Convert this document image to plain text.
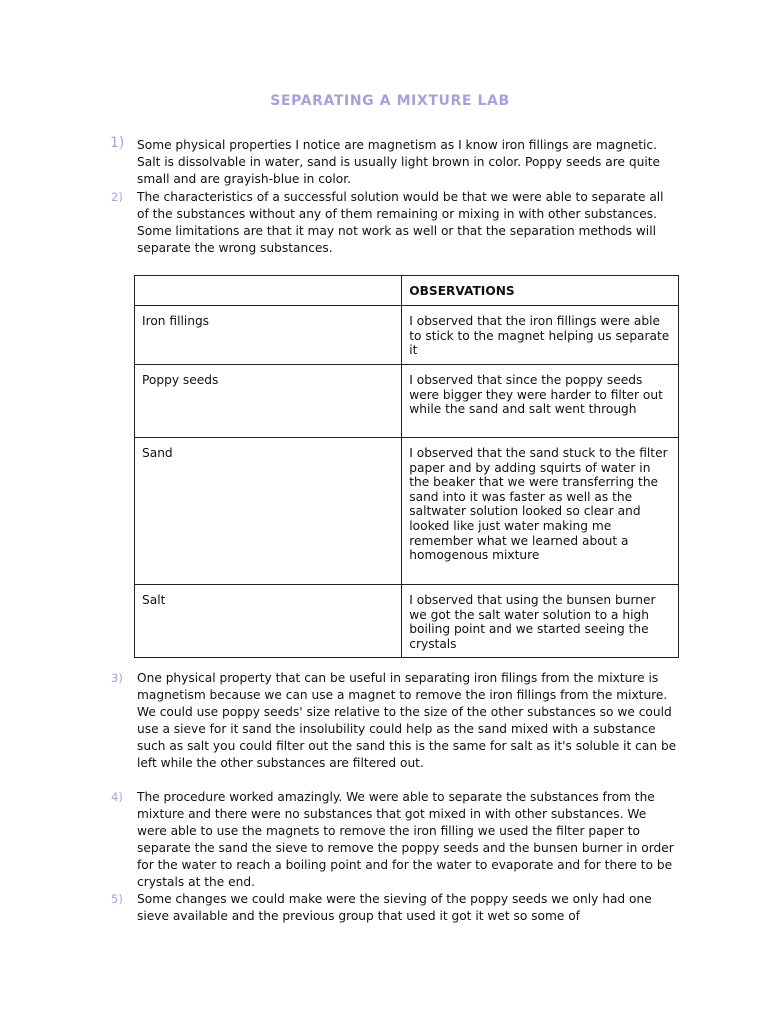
SEPARATING A MIXTURE LAB
1) Some physical properties I notice are magnetism as I know iron fillings are magnetic. Salt is dissolvable in water, sand is usually light brown in color. Poppy seeds are quite small and are grayish-blue in color.
2) The characteristics of a successful solution would be that we were able to separate all of the substances without any of them remaining or mixing in with other substances. Some limitations are that it may not work as well or that the separation methods will separate the wrong substances.

	OBSERVATIONS

Iron fillings	I observed that the iron fillings were able to stick to the magnet helping us separate it

Poppy seeds	I observed that since the poppy seeds were bigger they were harder to filter out while the sand and salt went through

Sand	I observed that the sand stuck to the filter paper and by adding squirts of water in the beaker that we were transferring the sand into it was faster as well as the saltwater solution looked so clear and looked like just water making me remember what we learned about a homogenous mixture

Salt	I observed that using the bunsen burner we got the salt water solution to a high boiling point and we started seeing the crystals
3) One physical property that can be useful in separating iron filings from the mixture is magnetism because we can use a magnet to remove the iron fillings from the mixture. We could use poppy seeds' size relative to the size of the other substances so we could use a sieve for it sand the insolubility could help as the sand mixed with a substance such as salt you could filter out the sand this is the same for salt as it's soluble it can be left while the other substances are filtered out.
4) The procedure worked amazingly. We were able to separate the substances from the mixture and there were no substances that got mixed in with other substances. We were able to use the magnets to remove the iron filling we used the filter paper to separate the sand the sieve to remove the poppy seeds and the bunsen burner in order for the water to reach a boiling point and for the water to evaporate and for there to be crystals at the end.
5) Some changes we could make were the sieving of the poppy seeds we only had one sieve available and the previous group that used it got it wet so some of
